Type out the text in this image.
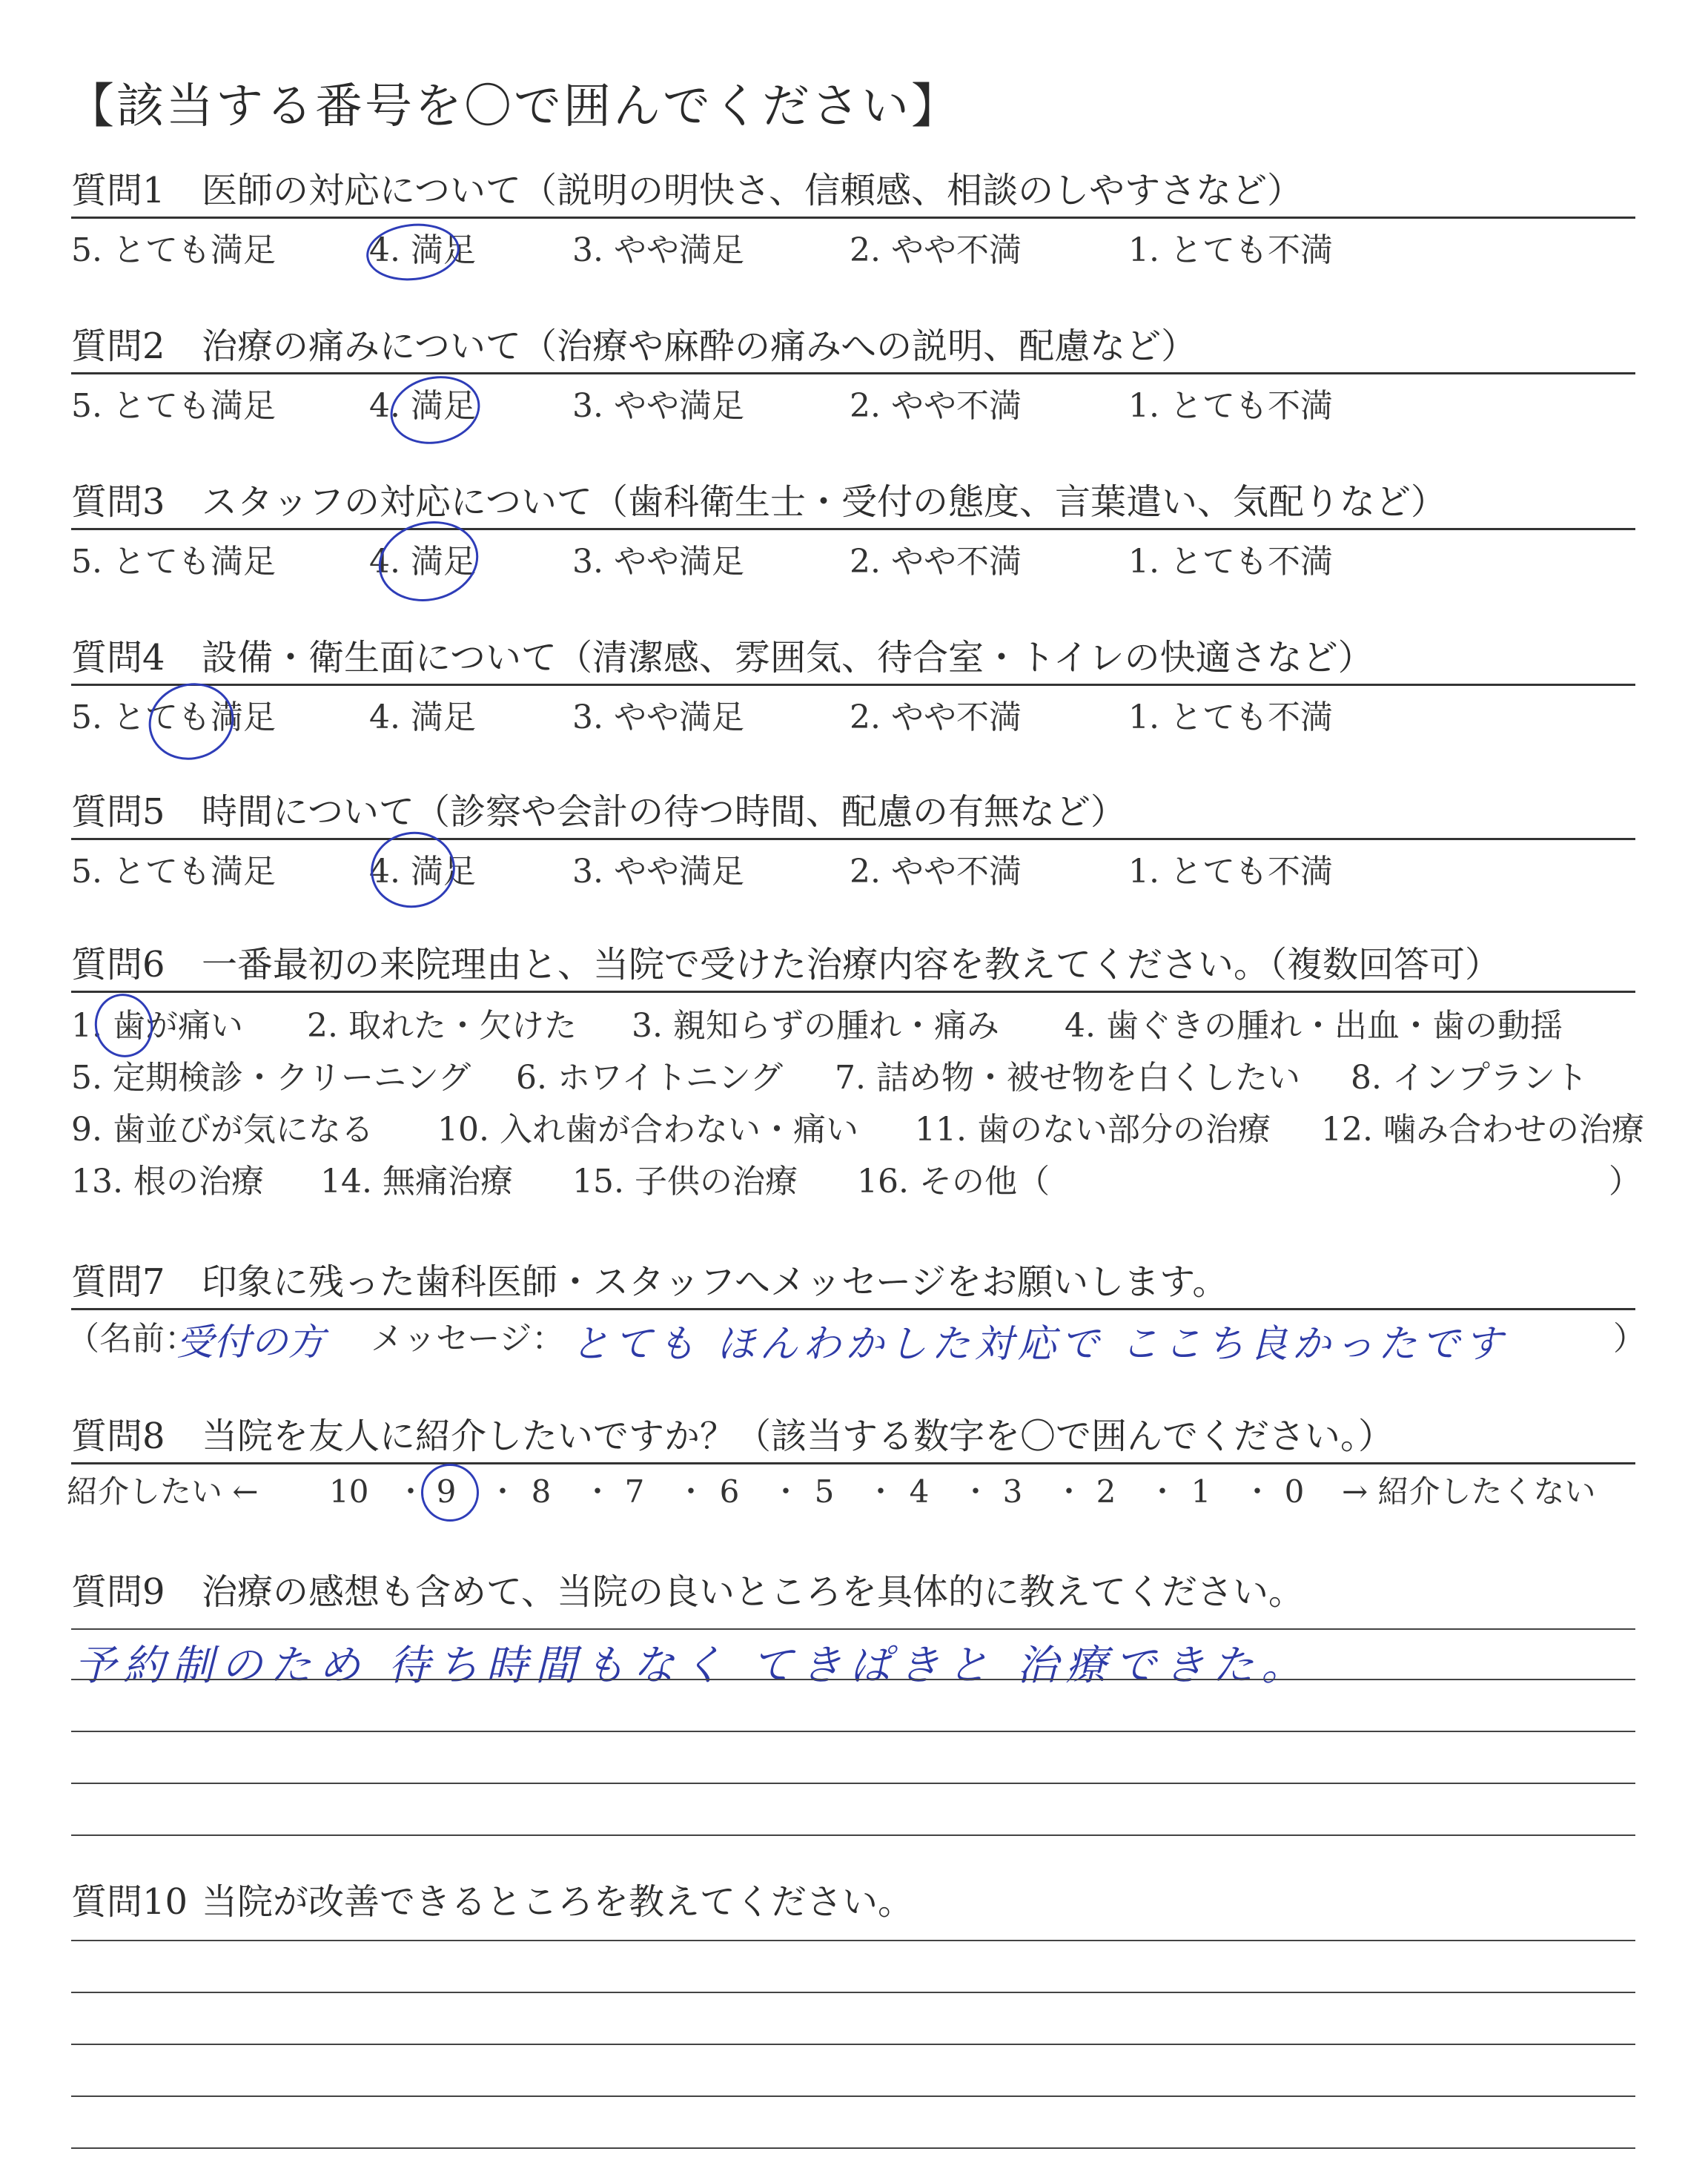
【該当する番号を〇で囲んでください】
質問1 医師の対応について（説明の明快さ、信頼感、相談のしやすさなど）
5. とても満足	4. 満足	3. やや満足	2. やや不満	1. とても不満
質問2 治療の痛みについて（治療や麻酔の痛みへの説明、配慮など）
5. とても満足	4. 満足	3. やや満足	2. やや不満	1. とても不満
質問3 スタッフの対応について（歯科衛生士・受付の態度、言葉遣い、気配りなど）
5. とても満足	4. 満足	3. やや満足	2. やや不満	1. とても不満
質問4 設備・衛生面について（清潔感、雰囲気、待合室・トイレの快適さなど）
5. とても満足	4. 満足	3. やや満足	2. やや不満	1. とても不満
質問5 時間について（診察や会計の待つ時間、配慮の有無など）
5. とても満足	4. 満足	3. やや満足	2. やや不満	1. とても不満
質問6 一番最初の来院理由と、当院で受けた治療内容を教えてください。（複数回答可）
1. 歯が痛い 2. 取れた・欠けた 3. 親知らずの腫れ・痛み 4. 歯ぐきの腫れ・出血・歯の動揺
5. 定期検診・クリーニング 6. ホワイトニング 7. 詰め物・被せ物を白くしたい 8. インプラント
9. 歯並びが気になる 10. 入れ歯が合わない・痛い 11. 歯のない部分の治療 12. 噛み合わせの治療
13. 根の治療 14. 無痛治療 15. 子供の治療 16. その他（	）
質問7 印象に残った歯科医師・スタッフへメッセージをお願いします。
（名前：
受付の方 メッセージ： とても ほんわかした対応で ここち良かったです	）
質問8 当院を友人に紹介したいですか？（該当する数字を〇で囲んでください。）
紹介したい ← 10 ・ 9 ・ 8 ・ 7 ・ 6 ・ 5 ・ 4 ・ 3 ・ 2 ・ 1 ・ 0 → 紹介したくない
質問9 治療の感想も含めて、当院の良いところを具体的に教えてください。
予約制のため 待ち時間もなく てきぱきと 治療できた。
質問10 当院が改善できるところを教えてください。
